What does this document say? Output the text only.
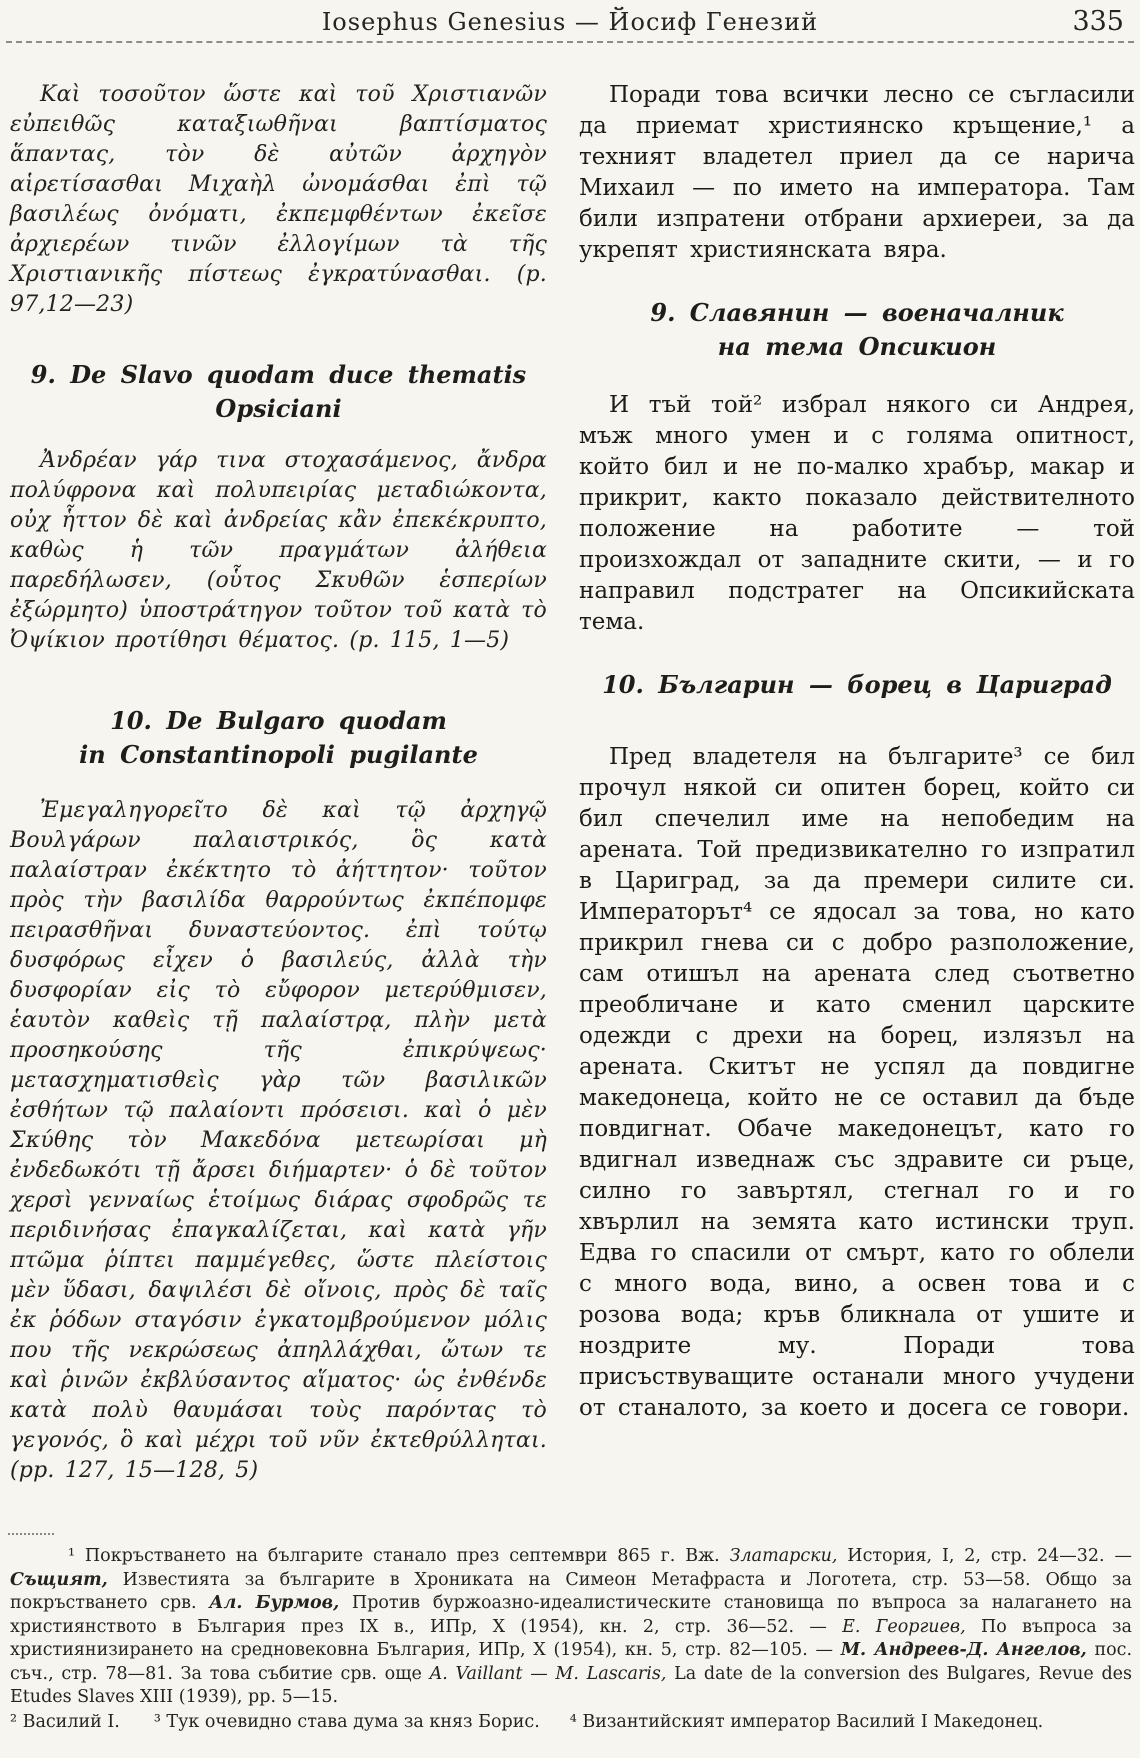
Iosephus Genesius — Йосиф Генезий	335

Καὶ τοσοῦτον ὥστε καὶ τοῦ Χριστιανῶν εὐπειθῶς καταξιωθῆναι βαπτίσματος ἅπαντας, τὸν δὲ αὐτῶν ἀρχηγὸν αἱρετίσασθαι Μιχαὴλ ὠνομάσθαι ἐπὶ τῷ βασιλέως ὀνόματι, ἐκπεμφθέντων ἐκεῖσε ἀρχιερέων τινῶν ἐλλογίμων τὰ τῆς Χριστιανικῆς πίστεως ἐγκρατύνασθαι. (p. 97,12—23)

9. De Slavo quodam duce thematis
Opsiciani

Ἀνδρέαν γάρ τινα στοχασάμενος, ἄνδρα πολύφρονα καὶ πολυπειρίας μεταδιώκοντα, οὐχ ἧττον δὲ καὶ ἀνδρείας κἂν ἐπεκέκρυπτο, καθὼς ἡ τῶν πραγμάτων ἀλήθεια παρεδήλωσεν, (οὗτος Σκυθῶν ἑσπερίων ἐξώρμητο) ὑποστράτηγον τοῦτον τοῦ κατὰ τὸ Ὀψίκιον προτίθησι θέματος. (p. 115, 1—5)

10. De Bulgaro quodam
in Constantinopoli pugilante

Ἐμεγαληγορεῖτο δὲ καὶ τῷ ἀρχηγῷ Βουλγάρων παλαιστρικός, ὃς κατὰ παλαίστραν ἐκέκτητο τὸ ἀήττητον· τοῦτον πρὸς τὴν βασιλίδα θαρρούντως ἐκπέπομφε πειρασθῆναι δυναστεύοντος. ἐπὶ τούτῳ δυσφόρως εἶχεν ὁ βασιλεύς, ἀλλὰ τὴν δυσφορίαν εἰς τὸ εὔφορον μετερύθμισεν, ἑαυτὸν καθεὶς τῇ παλαίστρᾳ, πλὴν μετὰ προσηκούσης τῆς ἐπικρύψεως· μετασχηματισθεὶς γὰρ τῶν βασιλικῶν ἐσθήτων τῷ παλαίοντι πρόσεισι. καὶ ὁ μὲν Σκύθης τὸν Μακεδόνα μετεωρίσαι μὴ ἐνδεδωκότι τῇ ἄρσει διήμαρτεν· ὁ δὲ τοῦτον χερσὶ γενναίως ἑτοίμως διάρας σφοδρῶς τε περιδινήσας ἐπαγκαλίζεται, καὶ κατὰ γῆν πτῶμα ῥίπτει παμμέγεθες, ὥστε πλείστοις μὲν ὕδασι, δαψιλέσι δὲ οἴνοις, πρὸς δὲ ταῖς ἐκ ῥόδων σταγόσιν ἐγκατομβρούμενον μόλις που τῆς νεκρώσεως ἀπηλλάχθαι, ὤτων τε καὶ ῥινῶν ἐκβλύσαντος αἵματος· ὡς ἐνθένδε κατὰ πολὺ θαυμάσαι τοὺς παρόντας τὸ γεγονός, ὃ καὶ μέχρι τοῦ νῦν ἐκτεθρύλληται. (pp. 127, 15—128, 5)

Поради това всички лесно се съгласили да приемат християнско кръщение,¹ а техният владетел приел да се нарича Михаил — по името на императора. Там били изпратени отбрани архиереи, за да укрепят християнската вяра.

9. Славянин — военачалник
на тема Опсикион

И тъй той² избрал някого си Андрея, мъж много умен и с голяма опитност, който бил и не по-малко храбър, макар и прикрит, както показало действителното положение на работите — той произхождал от западните скити, — и го направил подстратег на Опсикийската тема.

10. Българин — борец в Цариград

Пред владетеля на българите³ се бил прочул някой си опитен борец, който си бил спечелил име на непобедим на арената. Той предизвикателно го изпратил в Цариград, за да премери силите си. Императорът⁴ се ядосал за това, но като прикрил гнева си с добро разположение, сам отишъл на арената след съответно преобличане и като сменил царските одежди с дрехи на борец, излязъл на арената. Скитът не успял да повдигне македонеца, който не се оставил да бъде повдигнат. Обаче македонецът, като го вдигнал изведнаж със здравите си ръце, силно го завъртял, стегнал го и го хвърлил на земята като истински труп. Едва го спасили от смърт, като го облели с много вода, вино, а освен това и с розова вода; кръв бликнала от ушите и ноздрите му. Поради това присъствуващите останали много учудени от станалото, за което и досега се говори.

¹ Покръстването на българите станало през септември 865 г. Вж. Златарски, История, I, 2, стр. 24—32. — Същият, Известията за българите в Хрониката на Симеон Метафраста и Логотета, стр. 53—58. Общо за покръстването срв. Ал. Бурмов, Против буржоазно-идеалистическите становища по въпроса за налагането на християнството в България през IX в., ИПр, X (1954), кн. 2, стр. 36—52. — Е. Георгиев, По въпроса за християнизирането на средновековна България, ИПр, X (1954), кн. 5, стр. 82—105. — М. Андреев-Д. Ангелов, пос. съч., стр. 78—81. За това събитие срв. още A. Vaillant — M. Lascaris, La date de la conversion des Bulgares, Revue des Etudes Slaves XIII (1939), pp. 5—15.

² Василий I. ³ Тук очевидно става дума за княз Борис. ⁴ Византийският император Василий I Македонец.
